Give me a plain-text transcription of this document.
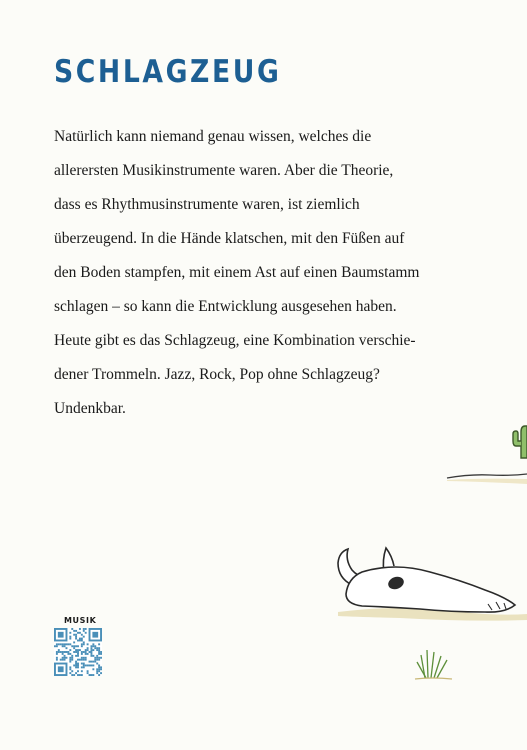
SCHLAGZEUG
Natürlich kann niemand genau wissen, welches die
allerersten Musikinstrumente waren. Aber die Theorie,
dass es Rhythmusinstrumente waren, ist ziemlich
überzeugend. In die Hände klatschen, mit den Füßen auf
den Boden stampfen, mit einem Ast auf einen Baumstamm
schlagen – so kann die Entwicklung ausgesehen haben.
Heute gibt es das Schlagzeug, eine Kombination verschie-
dener Trommeln. Jazz, Rock, Pop ohne Schlagzeug?
Undenkbar.
MUSIK
